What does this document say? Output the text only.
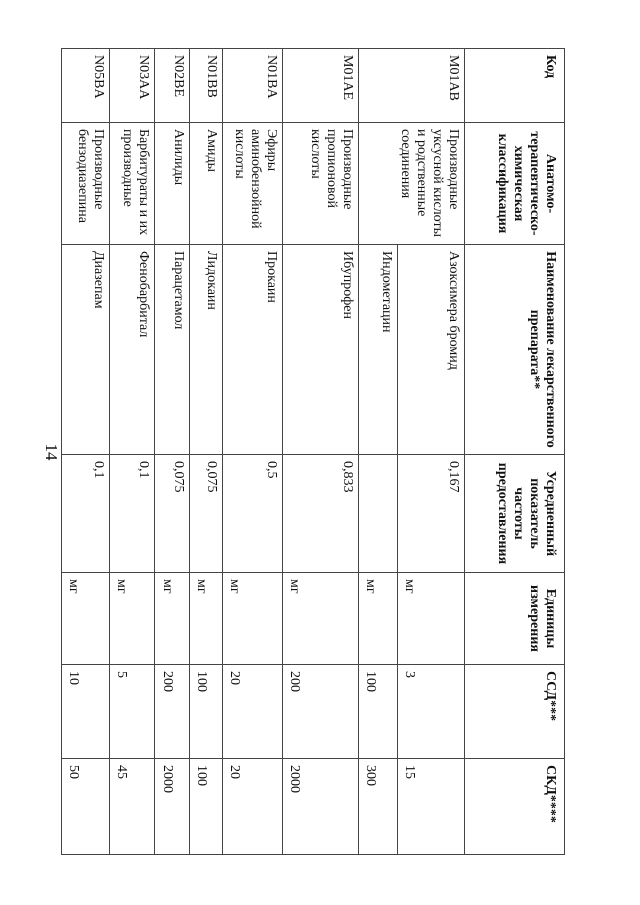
14
Код	Анатомо-терапевтическо-химическая классификация	Наименование лекарственного препарата**	Усредненный показатель частоты предоставления	Единицы измерения	ССД***	СКД****
M01AB	Производные уксусной кислоты и родственные соединения	Азоксимера бромид	0,167	мг	3	15
		Индометацин		мг	100	300
M01AE	Производные пропионовой кислоты	Ибупрофен	0,833	мг	200	2000
N01BA	Эфиры аминобензойной кислоты	Прокаин	0,5	мг	20	20
N01BB	Амиды	Лидокаин	0,075	мг	100	100
N02BE	Анилиды	Парацетамол	0,075	мг	200	2000
N03AA	Барбитураты и их производные	Фенобарбитал	0,1	мг	5	45
N05BA	Производные бензодиазепина	Диазепам	0,1	мг	10	50
